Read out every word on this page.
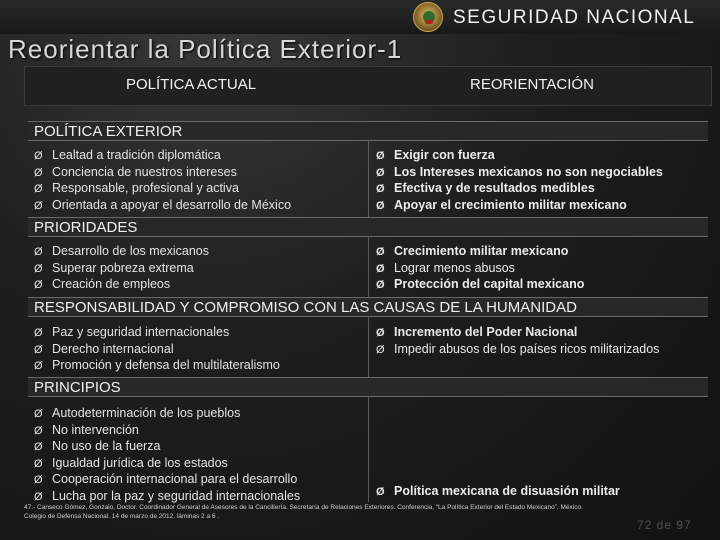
SEGURIDAD NACIONAL
Reorientar la Política Exterior-1
POLÍTICA ACTUAL	REORIENTACIÓN
POLÍTICA EXTERIOR
Ø Lealtad a tradición diplomática
Ø Conciencia de nuestros intereses
Ø Responsable, profesional y activa
Ø Orientada a apoyar el desarrollo de México
Ø Exigir con fuerza
Ø Los Intereses mexicanos no son negociables
Ø Efectiva y de resultados medibles
Ø Apoyar el crecimiento militar mexicano
PRIORIDADES
Ø Desarrollo de los mexicanos
Ø Superar pobreza extrema
Ø Creación de empleos
Ø Crecimiento militar mexicano
Ø Lograr menos abusos
Ø Protección del capital mexicano
RESPONSABILIDAD Y COMPROMISO CON LAS CAUSAS DE LA HUMANIDAD
Ø Paz y seguridad internacionales
Ø Derecho internacional
Ø Promoción y defensa del multilateralismo
Ø Incremento del Poder Nacional
Ø Impedir abusos de los países ricos militarizados
PRINCIPIOS
Ø Autodeterminación de los pueblos
Ø No intervención
Ø No uso de la fuerza
Ø Igualdad jurídica de los estados
Ø Cooperación internacional para el desarrollo
Ø Lucha por la paz y seguridad internacionales	Ø Política mexicana de disuasión militar
47.- Canseco Gómez, Gonzalo, Doctor. Coordinador General de Asesores de la Cancillería. Secretaría de Relaciones Exteriores. Conferencia, “La Política Exterior del Estado Mexicano”. México. Colegio de Defensa Nacional. 14 de marzo de 2012. láminas 2 a 6 .
72 de 97
